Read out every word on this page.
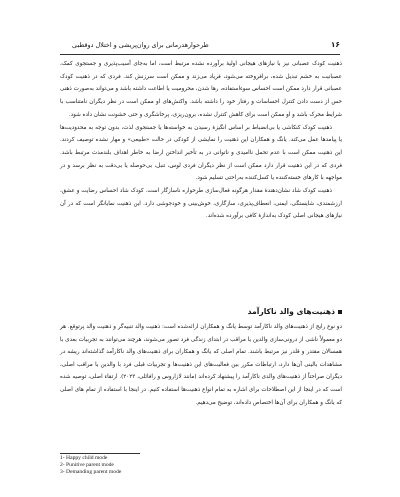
طرحوارهدرمانی برای روان‌پریشی و اختلال دوقطبی	۱۶

ذهنیت کودک عصبانی نیز با نیازهای هیجانی اولیهٔ برآورده نشده مرتبط است، اما به‌جای آسیب‌پذیری و جستجوی کمک، عصبانیت به خشم تبدیل شده، برافروخته می‌شود، فریاد می‌زند و ممکن است سرزنش کند. فردی که در ذهنیت کودک عصبانی قرار دارد ممکن است احساس سوءاستفاده، رها شدن، محرومیت یا اطاعت داشته باشد و می‌تواند به‌صورت ذهنی حس از دست دادن کنترل احساسات و رفتار خود را داشته باشد. واکنش‌های او ممکن است در نظر دیگران نامتناسب با شرایط محرک باشد و او ممکن است برای کاهش کنترل نشده، برون‌ریزی، پرخاشگری و حتی خشونت نشان داده شود.

ذهنیت کودک کنکاشی یا بی‌انضباط بر اساس انگیزهٔ رسیدن به خواسته‌ها یا جستجوی لذت، بدون توجه به محدودیت‌ها یا پیامدها عمل می‌کند. یانگ و همکاران این ذهنیت را نمایشی از کودکی در حالت «طبیعی» و مهار نشده توصیف کردند. این ذهنیت ممکن است با عدم تحمل ناامیدی و ناتوانی در به تأخیر انداختن ارضا به خاطر اهداف بلندمدت مرتبط باشد. فردی که در این ذهنیت قرار دارد ممکن است از نظر دیگران فردی لوس، تنبل، بی‌حوصله یا بی‌دقت به نظر برسد و در مواجهه با کارهای خسته‌کننده یا کسل‌کننده به‌راحتی تسلیم شود.

ذهنیت کودک شاد نشان‌دهندهٔ مقدار هرگونه فعال‌سازی طرحواره ناسازگار است. کودک شاد احساس رضایت و عشق، ارزشمندی، شایستگی، ایمنی، انعطاف‌پذیری، سازگاری، خوش‌بینی و خودجوشی دارد. این ذهنیت نمایانگر است که در آن نیازهای هیجانی اصلی کودک به‌اندازهٔ کافی برآورده شده‌اند.

ذهنیت‌های والد ناکارآمد

دو نوع رایج از ذهنیت‌های والد ناکارآمد توسط یانگ و همکاران ارائه‌شده است: ذهنیت والد تنبیه‌گر و ذهنیت والد پرتوقع. هر دو معمولاً ناشی از درونی‌سازی والدین یا مراقب در ابتدای زندگی فرد تصور می‌شوند، هرچند می‌توانند به تجربیات بعدی با همسالان مقتدر و قلدر نیز مرتبط باشند. تمام اصلی که یانگ و همکاران برای ذهنیت‌های والد ناکارآمد گذاشته‌اند ریشه در مشاهدات بالینی آن‌ها دارد، ارتباطات مکرر بین فعالیت‌های این ذهنیت‌ها و تجربیات قبلی فرد با والدین یا مراقب اصلی، دیگران صراحتاً از ذهنیت‌های والدی ناکارآمد را پیشنهاد کرده‌اند (مانند لازاروس و رافائلی، ۲۰۲۳). ارتقاء اصلی، توصیه شده است که در اینجا از این اصطلاحات برای اشاره به تمام انواع ذهنیت‌ها استفاده کنیم. در اینجا با استفاده از تمام های اصلی که یانگ و همکاران برای آن‌ها اختصاص داده‌اند، توضیح می‌دهیم.

1- Happy child mode
2- Punitive parent mode
3- Demanding parent mode
